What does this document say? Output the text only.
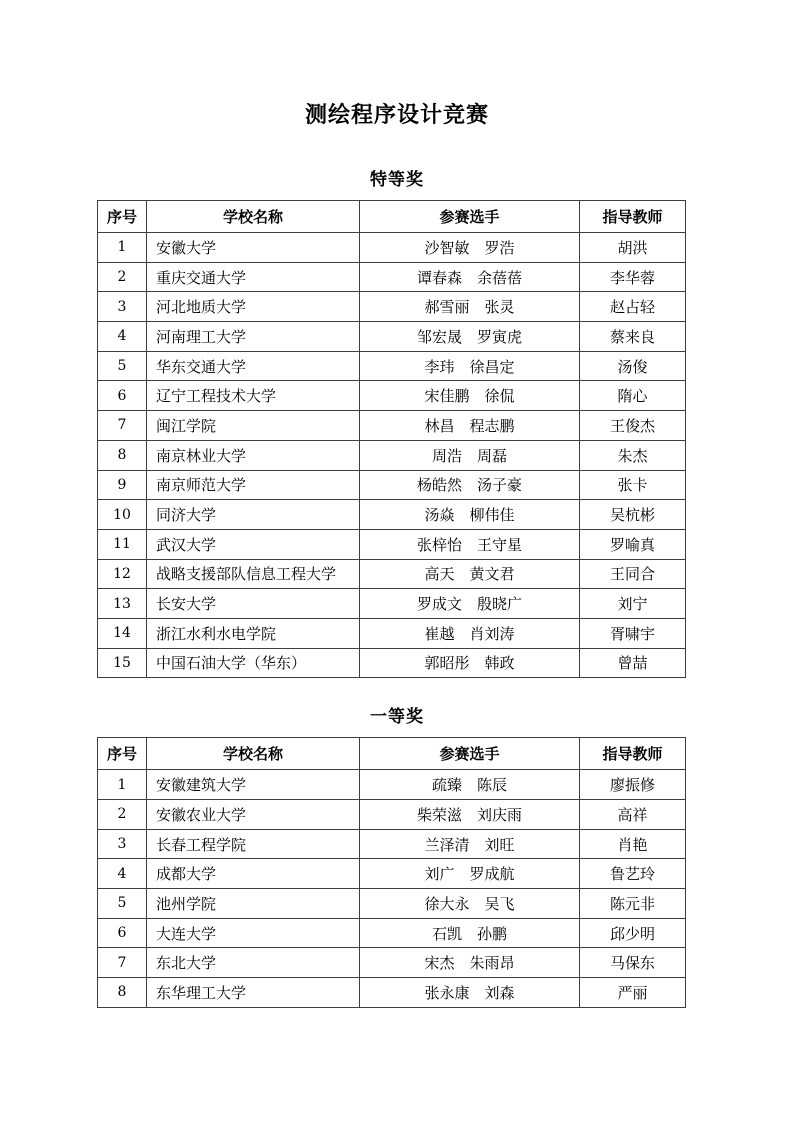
测绘程序设计竞赛
特等奖
序号	学校名称	参赛选手	指导教师
1	安徽大学	沙智敏　罗浩	胡洪
2	重庆交通大学	谭春森　余蓓蓓	李华蓉
3	河北地质大学	郝雪丽　张灵	赵占轻
4	河南理工大学	邹宏晟　罗寅虎	蔡来良
5	华东交通大学	李玮　徐昌定	汤俊
6	辽宁工程技术大学	宋佳鹏　徐侃	隋心
7	闽江学院	林昌　程志鹏	王俊杰
8	南京林业大学	周浩　周磊	朱杰
9	南京师范大学	杨皓然　汤子豪	张卡
10	同济大学	汤焱　柳伟佳	吴杭彬
11	武汉大学	张梓怡　王守星	罗喻真
12	战略支援部队信息工程大学	高天　黄文君	王同合
13	长安大学	罗成文　殷晓广	刘宁
14	浙江水利水电学院	崔越　肖刘涛	胥啸宇
15	中国石油大学（华东）	郭昭彤　韩政	曾喆
一等奖
序号	学校名称	参赛选手	指导教师
1	安徽建筑大学	疏臻　陈辰	廖振修
2	安徽农业大学	柴荣滋　刘庆雨	高祥
3	长春工程学院	兰泽清　刘旺	肖艳
4	成都大学	刘广　罗成航	鲁艺玲
5	池州学院	徐大永　吴飞	陈元非
6	大连大学	石凯　孙鹏	邱少明
7	东北大学	宋杰　朱雨昂	马保东
8	东华理工大学	张永康　刘森	严丽
